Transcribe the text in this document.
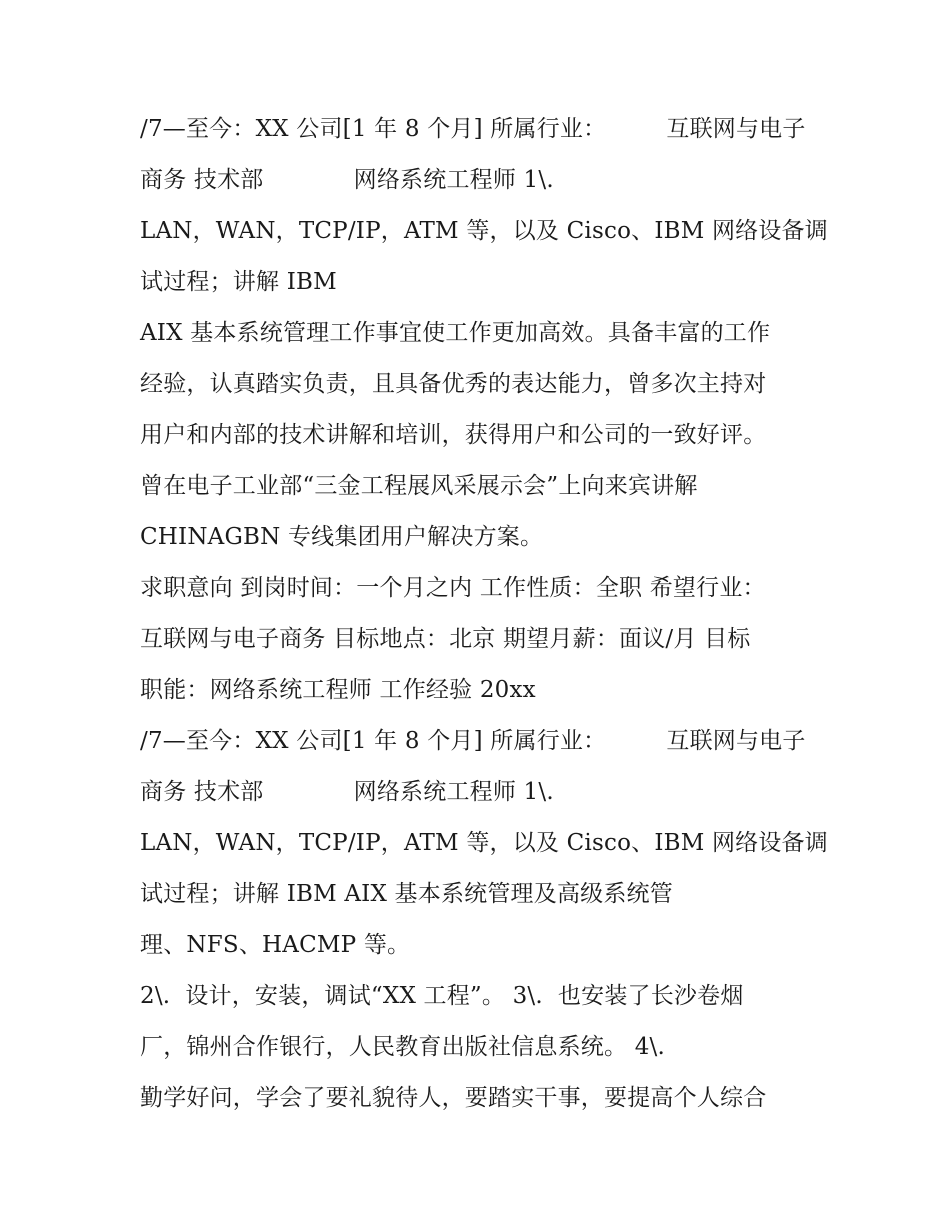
/7—至今：XX 公司[1 年 8 个月] 所属行业：        互联网与电子
商务 技术部            网络系统工程师 1\.
LAN，WAN，TCP/IP，ATM 等，以及 Cisco、IBM 网络设备调
试过程；讲解 IBM
AIX 基本系统管理工作事宜使工作更加高效。具备丰富的工作
经验，认真踏实负责，且具备优秀的表达能力，曾多次主持对
用户和内部的技术讲解和培训，获得用户和公司的一致好评。
曾在电子工业部“三金工程展风采展示会”上向来宾讲解
CHINAGBN 专线集团用户解决方案。
求职意向 到岗时间：一个月之内 工作性质：全职 希望行业：
互联网与电子商务 目标地点：北京 期望月薪：面议/月 目标
职能：网络系统工程师 工作经验 20xx
/7—至今：XX 公司[1 年 8 个月] 所属行业：        互联网与电子
商务 技术部            网络系统工程师 1\.
LAN，WAN，TCP/IP，ATM 等，以及 Cisco、IBM 网络设备调
试过程；讲解 IBM AIX 基本系统管理及高级系统管
理、NFS、HACMP 等。
2\.  设计，安装，调试“XX 工程”。 3\.  也安装了长沙卷烟
厂，锦州合作银行，人民教育出版社信息系统。 4\.
勤学好问，学会了要礼貌待人，要踏实干事，要提高个人综合
